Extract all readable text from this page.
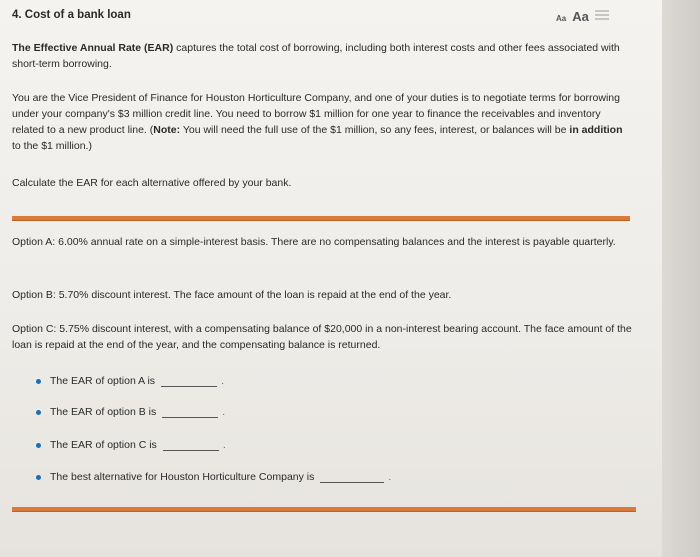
4. Cost of a bank loan	Aa Aa
The Effective Annual Rate (EAR) captures the total cost of borrowing, including both interest costs and other fees associated with short-term borrowing.
You are the Vice President of Finance for Houston Horticulture Company, and one of your duties is to negotiate terms for borrowing under your company's $3 million credit line. You need to borrow $1 million for one year to finance the receivables and inventory related to a new product line. (Note: You will need the full use of the $1 million, so any fees, interest, or balances will be in addition to the $1 million.)
Calculate the EAR for each alternative offered by your bank.
Option A: 6.00% annual rate on a simple-interest basis. There are no compensating balances and the interest is payable quarterly.
Option B: 5.70% discount interest. The face amount of the loan is repaid at the end of the year.
Option C: 5.75% discount interest, with a compensating balance of $20,000 in a non-interest bearing account. The face amount of the loan is repaid at the end of the year, and the compensating balance is returned.
The EAR of option A is	.
The EAR of option B is	.
The EAR of option C is	.
The best alternative for Houston Horticulture Company is	.
